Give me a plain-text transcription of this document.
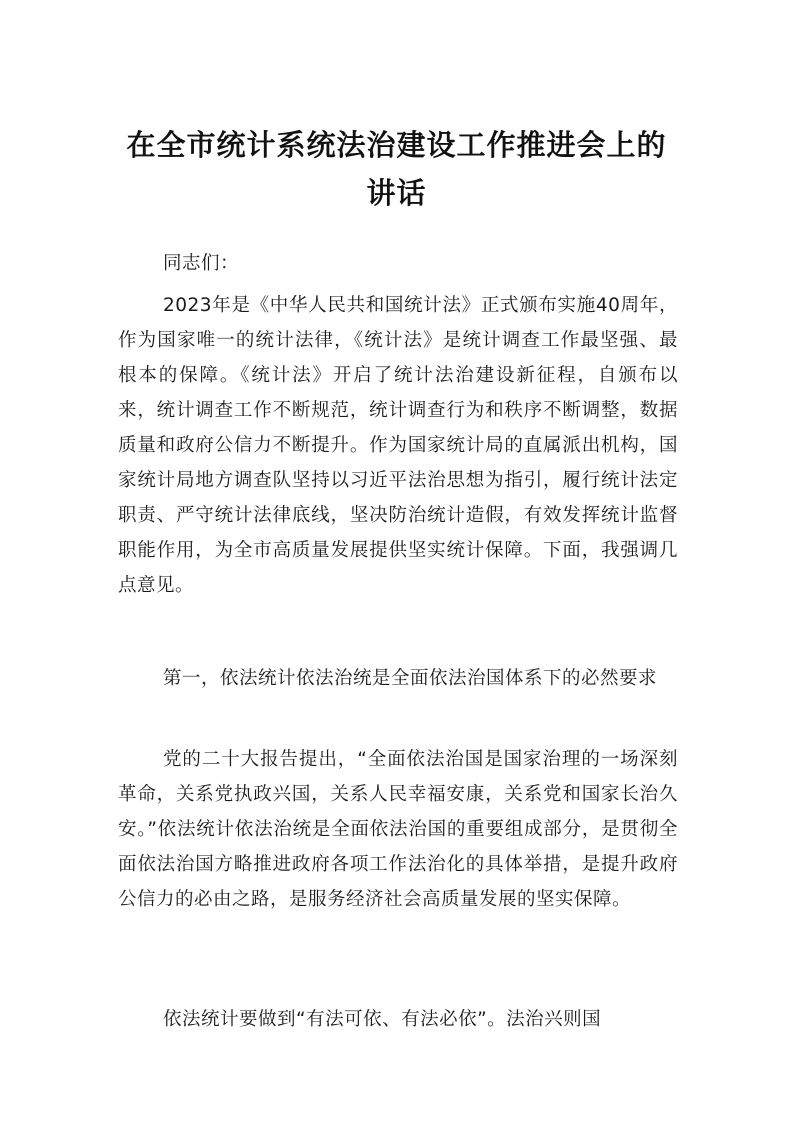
在全市统计系统法治建设工作推进会上的
讲话

同志们：

2023年是《中华人民共和国统计法》正式颁布实施40周年，作为国家唯一的统计法律，《统计法》是统计调查工作最坚强、最根本的保障。《统计法》开启了统计法治建设新征程，自颁布以来，统计调查工作不断规范，统计调查行为和秩序不断调整，数据质量和政府公信力不断提升。作为国家统计局的直属派出机构，国家统计局地方调查队坚持以习近平法治思想为指引，履行统计法定职责、严守统计法律底线，坚决防治统计造假，有效发挥统计监督职能作用，为全市高质量发展提供坚实统计保障。下面，我强调几点意见。

第一，依法统计依法治统是全面依法治国体系下的必然要求

党的二十大报告提出，“全面依法治国是国家治理的一场深刻革命，关系党执政兴国，关系人民幸福安康，关系党和国家长治久安。”依法统计依法治统是全面依法治国的重要组成部分，是贯彻全面依法治国方略推进政府各项工作法治化的具体举措，是提升政府公信力的必由之路，是服务经济社会高质量发展的坚实保障。

依法统计要做到“有法可依、有法必依”。法治兴则国
